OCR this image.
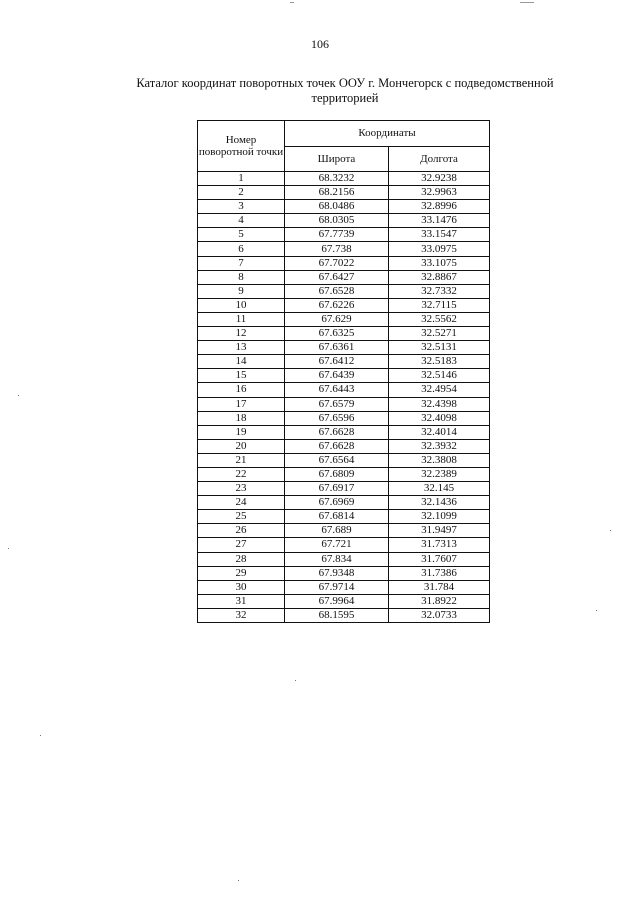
106
Каталог координат поворотных точек ООУ г. Мончегорск с подведомственной территорией
Номер поворотной точки	Координаты	
	Широта	Долгота
1	68.3232	32.9238
2	68.2156	32.9963
3	68.0486	32.8996
4	68.0305	33.1476
5	67.7739	33.1547
6	67.738	33.0975
7	67.7022	33.1075
8	67.6427	32.8867
9	67.6528	32.7332
10	67.6226	32.7115
11	67.629	32.5562
12	67.6325	32.5271
13	67.6361	32.5131
14	67.6412	32.5183
15	67.6439	32.5146
16	67.6443	32.4954
17	67.6579	32.4398
18	67.6596	32.4098
19	67.6628	32.4014
20	67.6628	32.3932
21	67.6564	32.3808
22	67.6809	32.2389
23	67.6917	32.145
24	67.6969	32.1436
25	67.6814	32.1099
26	67.689	31.9497
27	67.721	31.7313
28	67.834	31.7607
29	67.9348	31.7386
30	67.9714	31.784
31	67.9964	31.8922
32	68.1595	32.0733
